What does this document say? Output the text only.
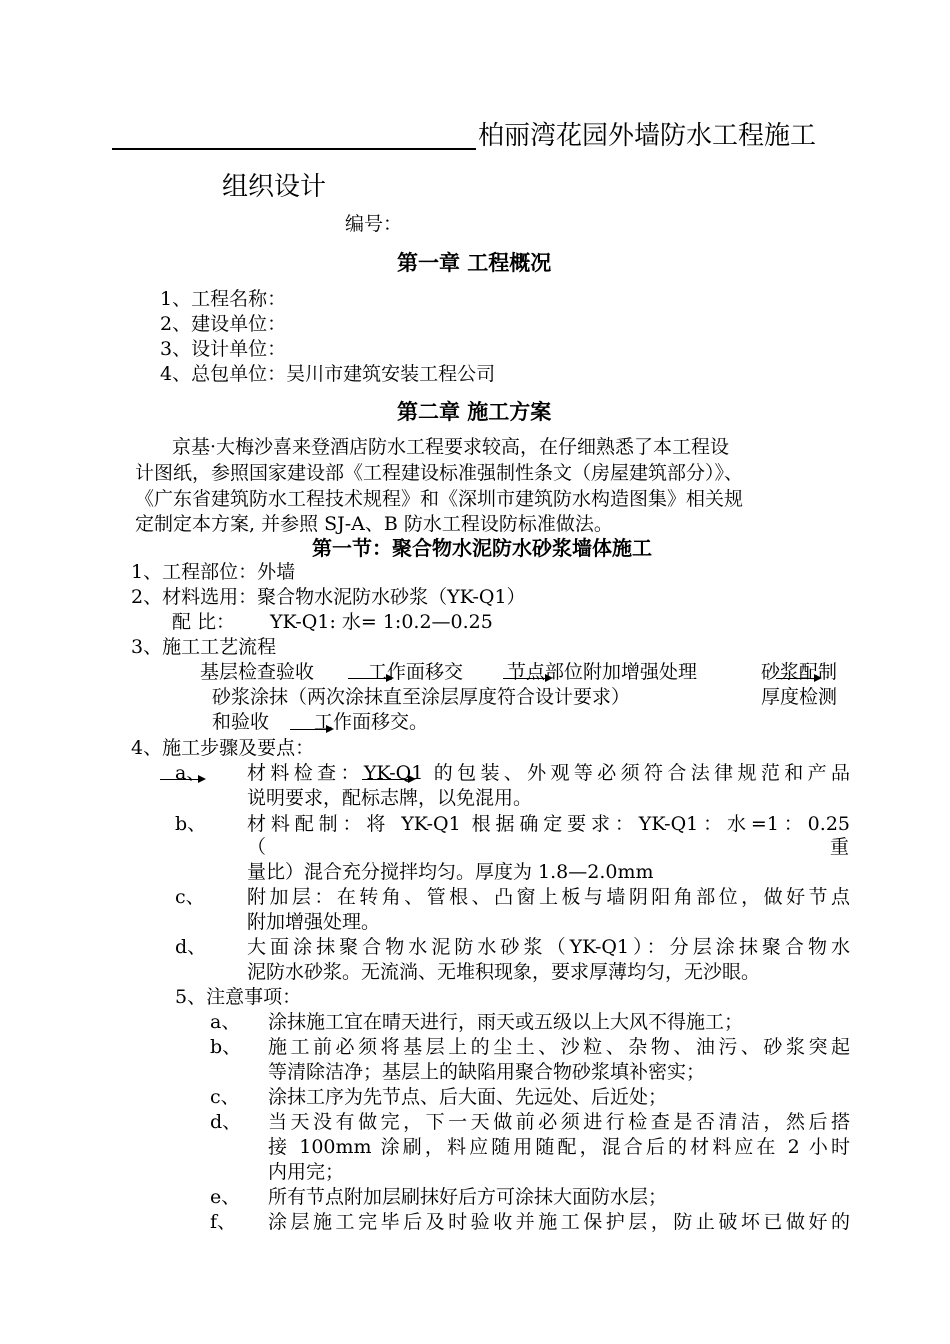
柏丽湾花园外墙防水工程施工
组织设计
编号：
第一章 工程概况
1、工程名称：
2、建设单位：
3、设计单位：
4、总包单位：吴川市建筑安装工程公司
第二章 施工方案
京基·大梅沙喜来登酒店防水工程要求较高，在仔细熟悉了本工程设
计图纸，参照国家建设部《工程建设标准强制性条文（房屋建筑部分）》、
《广东省建筑防水工程技术规程》和《深圳市建筑防水构造图集》相关规
定制定本方案, 并参照 SJ-A、B 防水工程设防标准做法。
第一节：聚合物水泥防水砂浆墙体施工
1、工程部位：外墙
2、材料选用：聚合物水泥防水砂浆（YK-Q1）
配 比： YK-Q1: 水= 1:0.2—0.25
3、施工工艺流程
基层检查验收	工作面移交 节点部位附加增强处理	砂浆配制
砂浆涂抹（两次涂抹直至涂层厚度符合设计要求）	厚度检测
和验收 工作面移交。
4、施工步骤及要点：
a、 材料检查：YK-Q1 的包装、外观等必须符合法律规范和产品
说明要求，配标志牌，以免混用。
b、 材料配制：将 YK-Q1 根据确定要求：YK-Q1：水=1：0.25
（	重
量比）混合充分搅拌均匀。厚度为 1.8—2.0mm
c、 附加层：在转角、管根、凸窗上板与墙阴阳角部位，做好节点
附加增强处理。
d、 大面涂抹聚合物水泥防水砂浆（YK-Q1）：分层涂抹聚合物水
泥防水砂浆。无流淌、无堆积现象，要求厚薄均匀，无沙眼。
5、注意事项：
a、 涂抹施工宜在晴天进行，雨天或五级以上大风不得施工；
b、 施工前必须将基层上的尘土、沙粒、杂物、油污、砂浆突起
等清除洁净；基层上的缺陷用聚合物砂浆填补密实；
c、 涂抹工序为先节点、后大面、先远处、后近处；
d、 当天没有做完，下一天做前必须进行检查是否清洁，然后搭
接 100mm 涂刷，料应随用随配，混合后的材料应在 2 小时
内用完；
e、 所有节点附加层刷抹好后方可涂抹大面防水层；
f、 涂层施工完毕后及时验收并施工保护层，防止破坏已做好的
